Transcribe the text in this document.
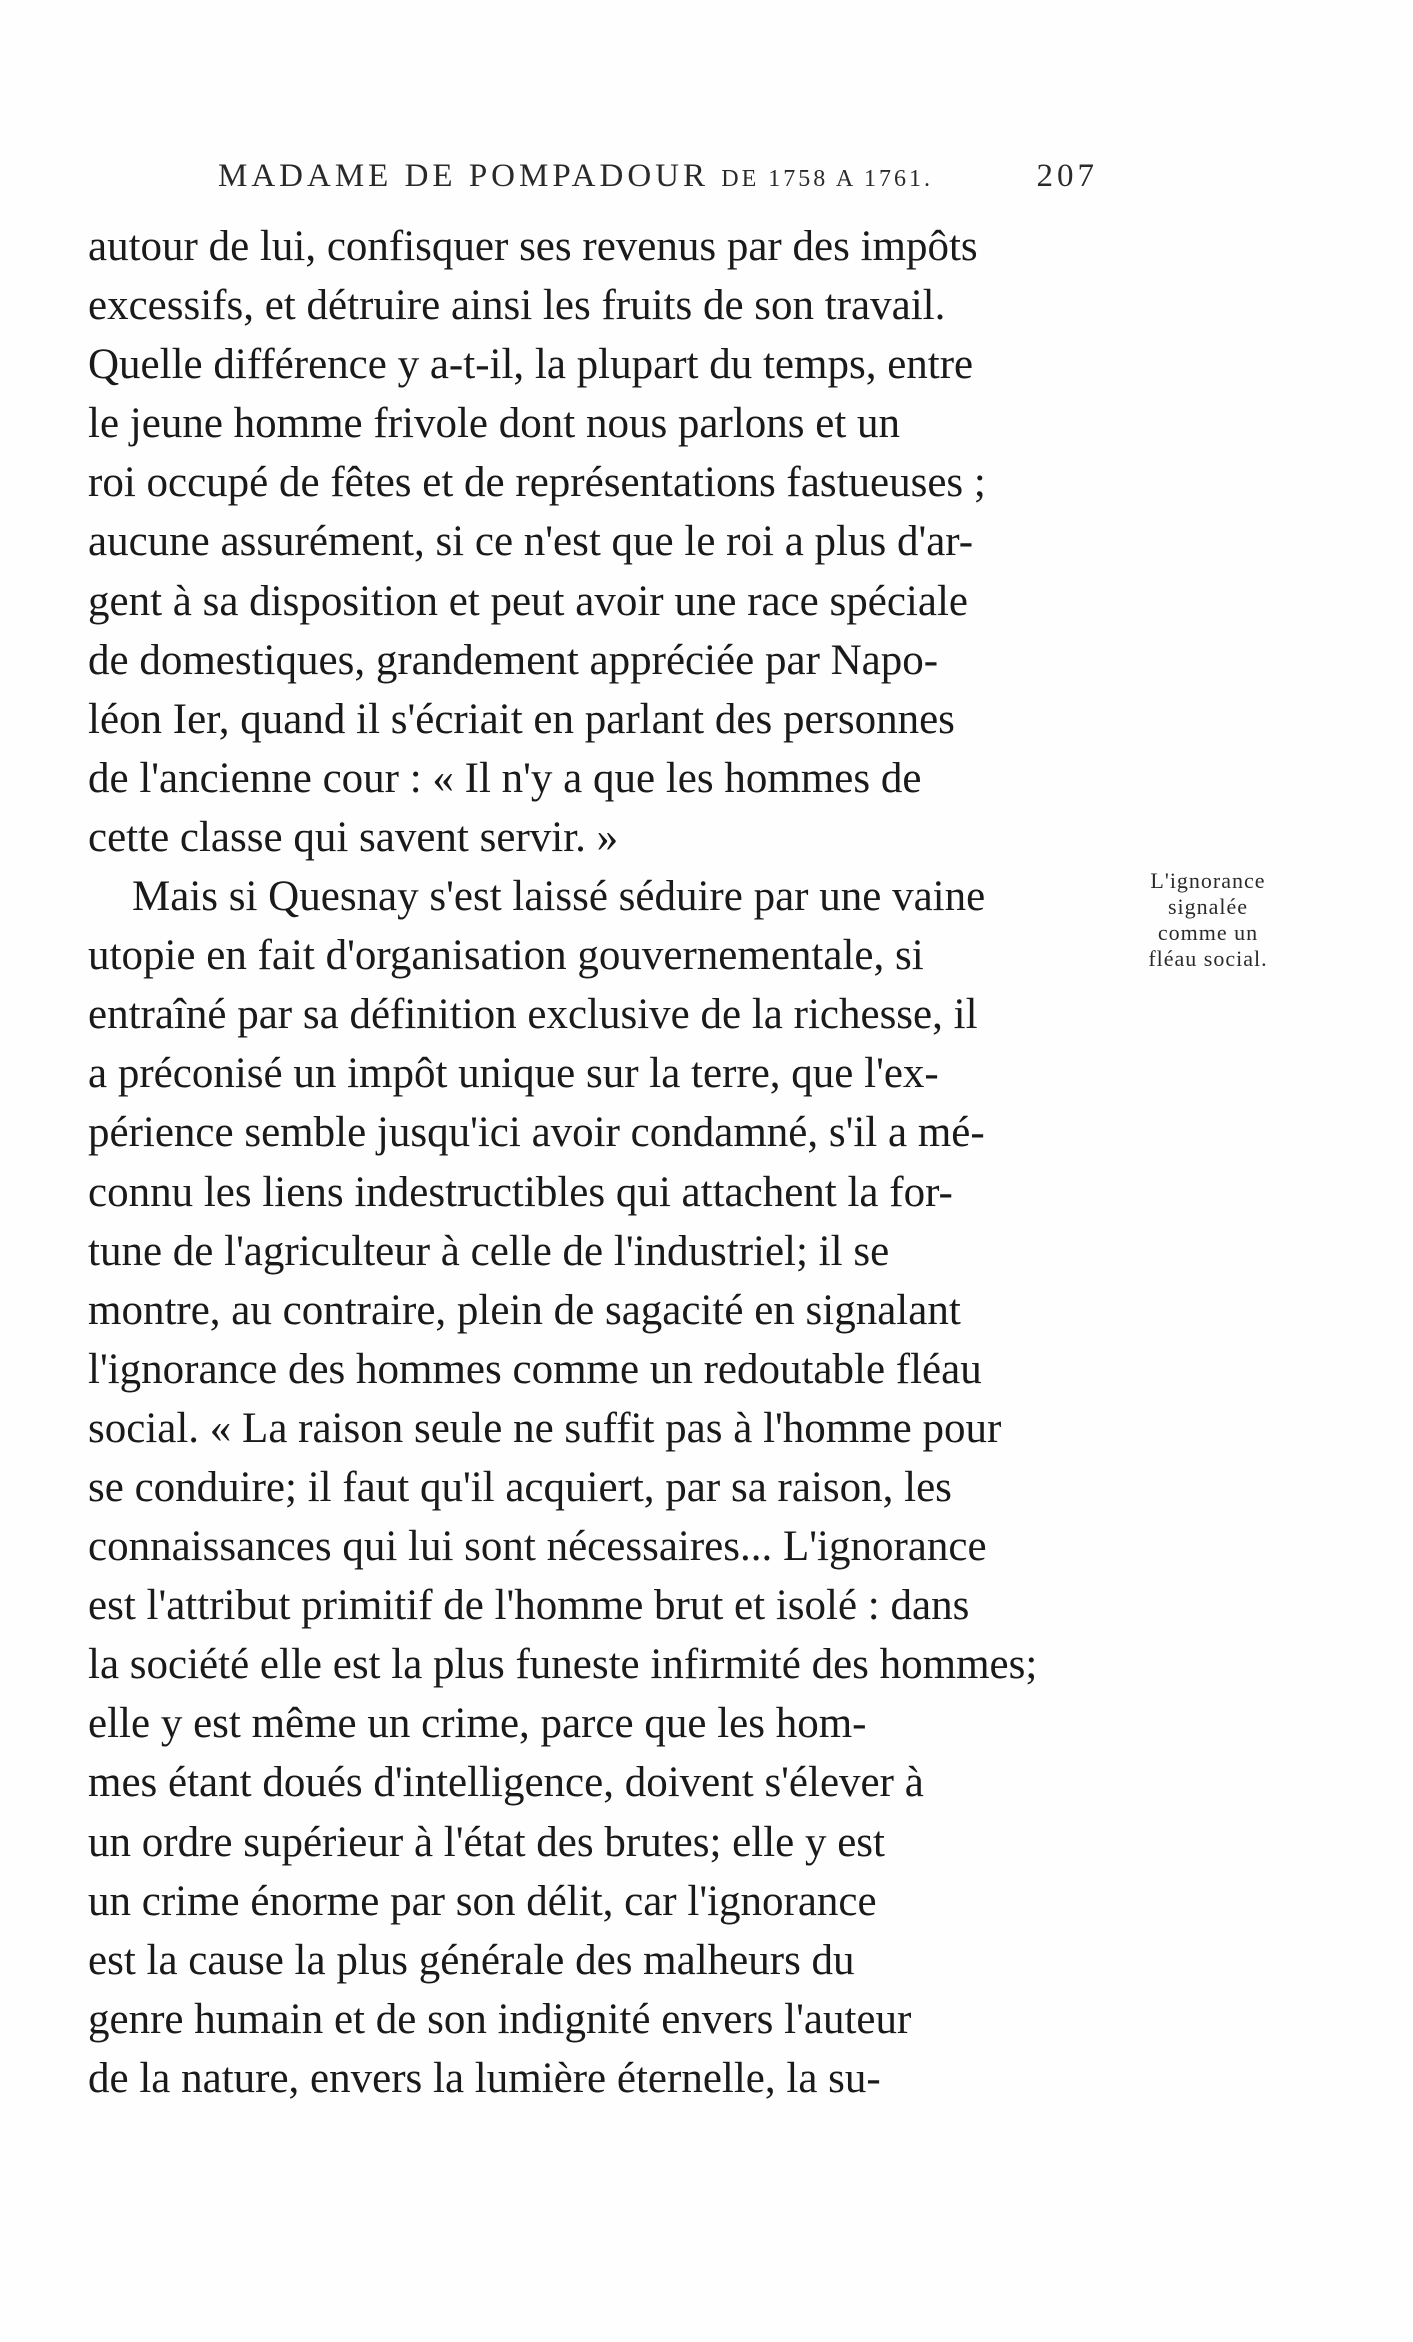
MADAME DE POMPADOUR DE 1758 A 1761.	207
autour de lui, confisquer ses revenus par des impôts
excessifs, et détruire ainsi les fruits de son travail.
Quelle différence y a-t-il, la plupart du temps, entre
le jeune homme frivole dont nous parlons et un
roi occupé de fêtes et de représentations fastueuses ;
aucune assurément, si ce n'est que le roi a plus d'ar-
gent à sa disposition et peut avoir une race spéciale
de domestiques, grandement appréciée par Napo-
léon Ier, quand il s'écriait en parlant des personnes
de l'ancienne cour : « Il n'y a que les hommes de
cette classe qui savent servir. »
Mais si Quesnay s'est laissé séduire par une vaine
utopie en fait d'organisation gouvernementale, si
entraîné par sa définition exclusive de la richesse, il
a préconisé un impôt unique sur la terre, que l'ex-
périence semble jusqu'ici avoir condamné, s'il a mé-
connu les liens indestructibles qui attachent la for-
tune de l'agriculteur à celle de l'industriel; il se
montre, au contraire, plein de sagacité en signalant
l'ignorance des hommes comme un redoutable fléau
social. « La raison seule ne suffit pas à l'homme pour
se conduire; il faut qu'il acquiert, par sa raison, les
connaissances qui lui sont nécessaires... L'ignorance
est l'attribut primitif de l'homme brut et isolé : dans
la société elle est la plus funeste infirmité des hommes;
elle y est même un crime, parce que les hom-
mes étant doués d'intelligence, doivent s'élever à
un ordre supérieur à l'état des brutes; elle y est
un crime énorme par son délit, car l'ignorance
est la cause la plus générale des malheurs du
genre humain et de son indignité envers l'auteur
de la nature, envers la lumière éternelle, la su-
L'ignorance
signalée
comme un
fléau social.
